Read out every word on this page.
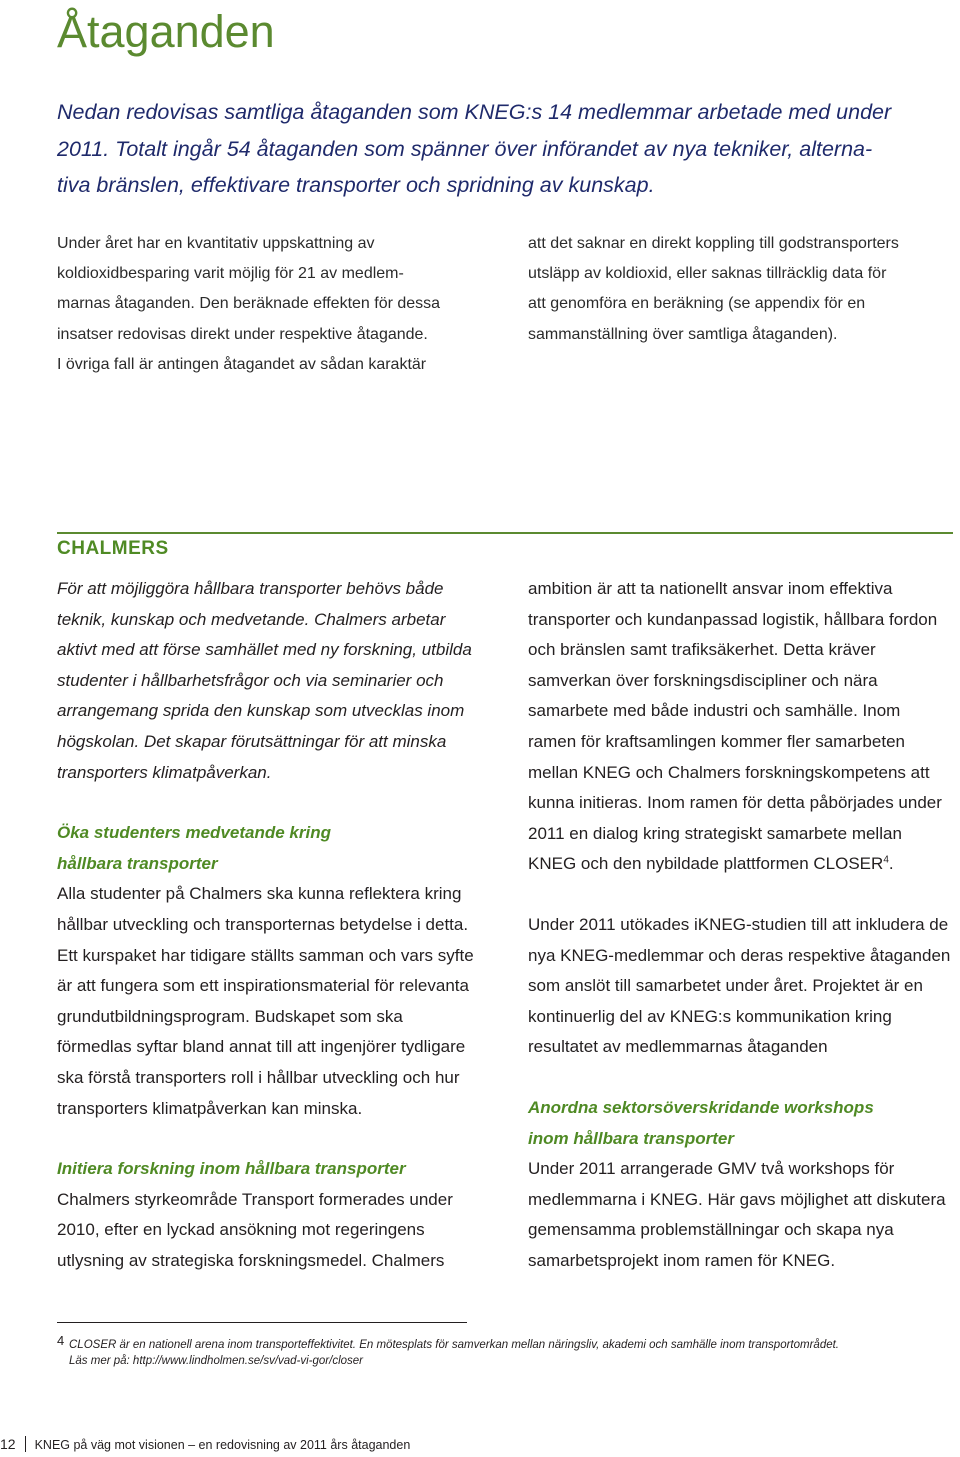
Åtaganden
Nedan redovisas samtliga åtaganden som KNEG:s 14 medlemmar arbetade med under
2011. Totalt ingår 54 åtaganden som spänner över införandet av nya tekniker, alterna-
tiva bränslen, effektivare transporter och spridning av kunskap.
Under året har en kvantitativ uppskattning av
koldioxidbesparing varit möjlig för 21 av medlem-
marnas åtaganden. Den beräknade effekten för dessa
insatser redovisas direkt under respektive åtagande.
I övriga fall är antingen åtagandet av sådan karaktär
att det saknar en direkt koppling till godstransporters
utsläpp av koldioxid, eller saknas tillräcklig data för
att genomföra en beräkning (se appendix för en
sammanställning över samtliga åtaganden).
CHALMERS

För att möjliggöra hållbara transporter behövs både teknik, kunskap och medvetande. Chalmers arbetar aktivt med att förse samhället med ny forskning, utbilda studenter i hållbarhetsfrågor och via seminarier och arrangemang sprida den kunskap som utvecklas inom högskolan. Det skapar förutsättningar för att minska transporters klimatpåverkan.

Öka studenters medvetande kring
hållbara transporter

Alla studenter på Chalmers ska kunna reflektera kring hållbar utveckling och transporternas betydelse i detta. Ett kurspaket har tidigare ställts samman och vars syfte är att fungera som ett inspirationsmaterial för relevanta grundutbildningsprogram. Budskapet som ska förmedlas syftar bland annat till att ingenjörer tydligare ska förstå transporters roll i hållbar utveckling och hur transporters klimatpåverkan kan minska.

Initiera forskning inom hållbara transporter

Chalmers styrkeområde Transport formerades under 2010, efter en lyckad ansökning mot regeringens utlysning av strategiska forskningsmedel. Chalmers

ambition är att ta nationellt ansvar inom effektiva transporter och kundanpassad logistik, hållbara fordon och bränslen samt trafiksäkerhet. Detta kräver samverkan över forskningsdiscipliner och nära samarbete med både industri och samhälle. Inom ramen för kraftsamlingen kommer fler samarbeten mellan KNEG och Chalmers forskningskompetens att kunna initieras. Inom ramen för detta påbörjades under 2011 en dialog kring strategiskt samarbete mellan KNEG och den nybildade plattformen CLOSER$^4$.

Under 2011 utökades iKNEG-studien till att inkludera de nya KNEG-medlemmar och deras respektive åtaganden som anslöt till samarbetet under året. Projektet är en kontinuerlig del av KNEG:s kommunikation kring resultatet av medlemmarnas åtaganden

Anordna sektorsöverskridande workshops
inom hållbara transporter

Under 2011 arrangerade GMV två workshops för medlemmarna i KNEG. Här gavs möjlighet att diskutera gemensamma problemställningar och skapa nya samarbetsprojekt inom ramen för KNEG.

4 CLOSER är en nationell arena inom transporteffektivitet. En mötesplats för samverkan mellan näringsliv, akademi och samhälle inom transportområdet.
Läs mer på: http://www.lindholmen.se/sv/vad-vi-gor/closer
12 KNEG på väg mot visionen – en redovisning av 2011 års åtaganden
